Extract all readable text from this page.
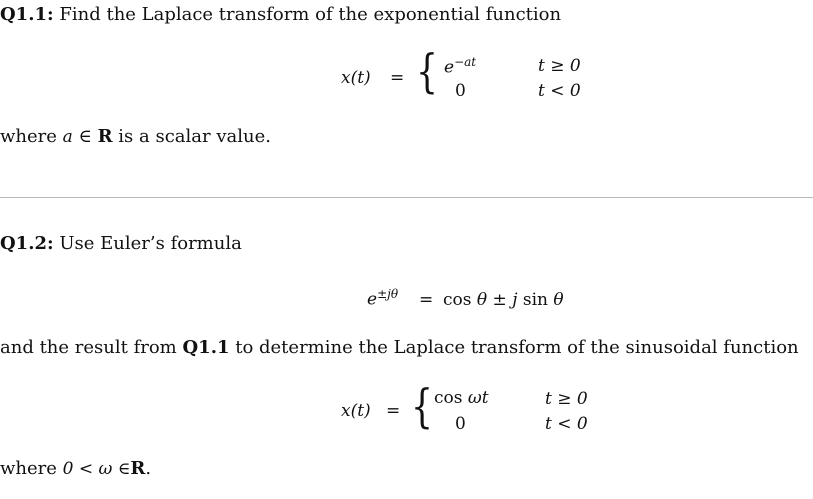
Q1.1: Find the Laplace transform of the exponential function
x(t) = { $e^{-at}$	t ≥ 0
0	t < 0
where a ∈ R is a scalar value.
Q1.2: Use Euler’s formula
$e^{\pm j\theta} = \cos \theta \pm j$ sin θ
and the result from Q1.1 to determine the Laplace transform of the sinusoidal function
x(t) = { cos ωt	t ≥ 0
0	t < 0
where 0 < ω ∈R.
